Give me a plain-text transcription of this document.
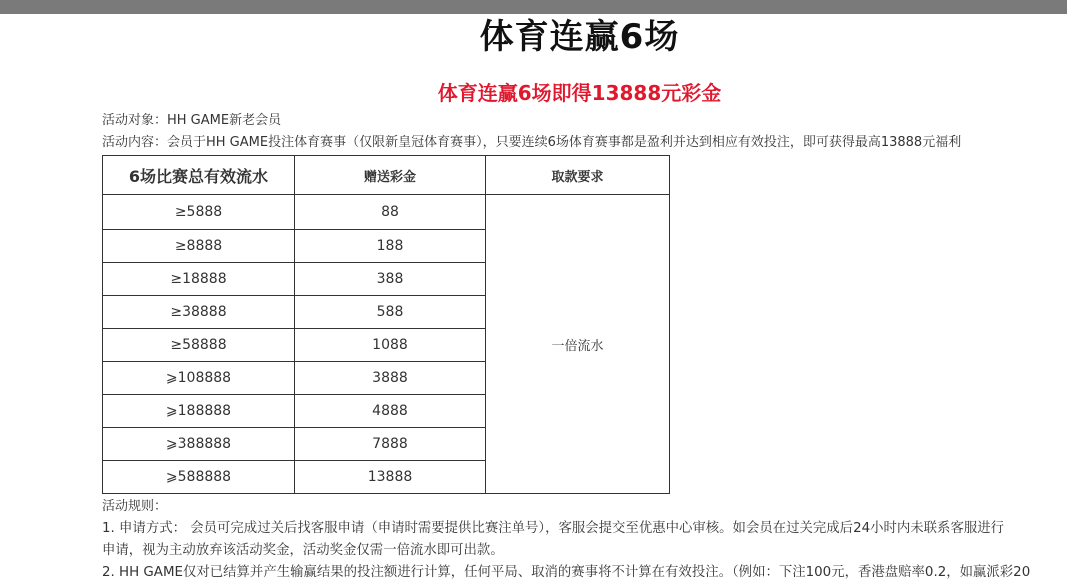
体育连赢6场
体育连赢6场即得13888元彩金
活动对象：HH GAME新老会员
活动内容：会员于HH GAME投注体育赛事（仅限新皇冠体育赛事），只要连续6场体育赛事都是盈利并达到相应有效投注，即可获得最高13888元福利
6场比赛总有效流水	赠送彩金	取款要求
≥5888	88	一倍流水
≥8888	188	
≥18888	388	
≥38888	588	
≥58888	1088	
⩾108888	3888	
⩾188888	4888	
⩾388888	7888	
⩾588888	13888	
活动规则：
1. 申请方式： 会员可完成过关后找客服申请（申请时需要提供比赛注单号），客服会提交至优惠中心审核。如会员在过关完成后24小时内未联系客服进行
申请，视为主动放弃该活动奖金，活动奖金仅需一倍流水即可出款。
2. HH GAME仅对已结算并产生输赢结果的投注额进行计算，任何平局、取消的赛事将不计算在有效投注。（例如：下注100元，香港盘赔率0.2，如赢派彩20
